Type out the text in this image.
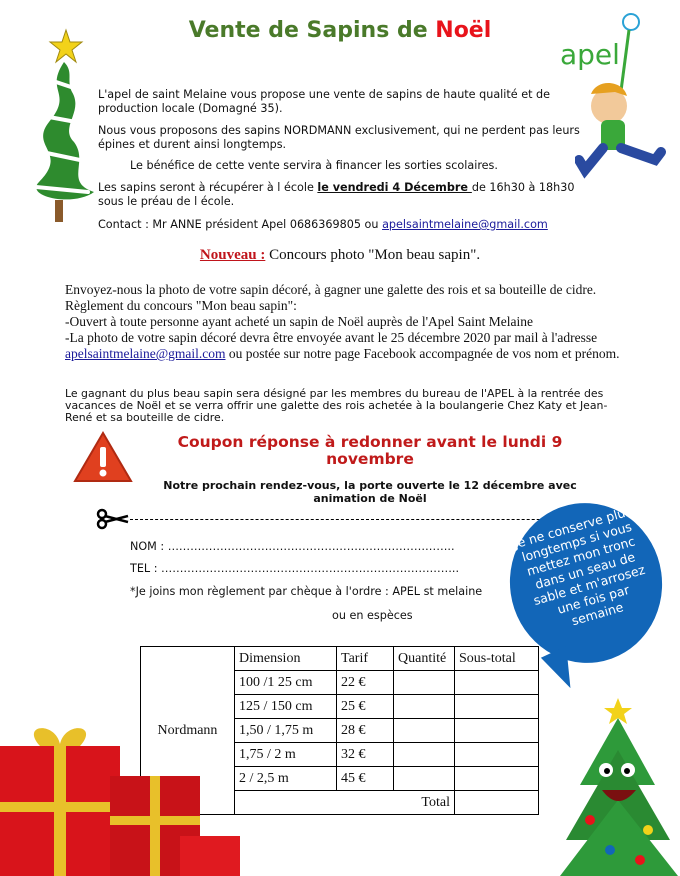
Vente de Sapins de Noël
apel
L'apel de saint Melaine vous propose une vente de sapins de haute qualité et de production locale (Domagné 35).
Nous vous proposons des sapins NORDMANN exclusivement, qui ne perdent pas leurs épines et durent ainsi longtemps.
Le bénéfice de cette vente servira à financer les sorties scolaires.
Les sapins seront à récupérer à l école le vendredi 4 Décembre de 16h30 à 18h30 sous le préau de l école.
Contact : Mr ANNE président Apel 0686369805 ou apelsaintmelaine@gmail.com
Nouveau : Concours photo "Mon beau sapin".
Envoyez-nous la photo de votre sapin décoré, à gagner une galette des rois et sa bouteille de cidre.
Règlement du concours "Mon beau sapin":
-Ouvert à toute personne ayant acheté un sapin de Noël auprès de l'Apel Saint Melaine
-La photo de votre sapin décoré devra être envoyée avant le 25 décembre 2020 par mail à l'adresse
apelsaintmelaine@gmail.com ou postée sur notre page Facebook accompagnée de vos nom et prénom.
Le gagnant du plus beau sapin sera désigné par les membres du bureau de l'APEL à la rentrée des vacances de Noël et se verra offrir une galette des rois achetée à la boulangerie Chez Katy et Jean-René et sa bouteille de cidre.
Coupon réponse à redonner avant le lundi 9 novembre
Notre prochain rendez-vous, la porte ouverte le 12 décembre avec animation de Noël
NOM : …………………………………………………………………..
TEL : ……………………………………………………………………..
*Je joins mon règlement par chèque à l'ordre : APEL st melaine
ou en espèces
Je ne conserve plus longtemps si vous mettez mon tronc dans un seau de sable et m'arrosez une fois par semaine
Nordmann	Dimension	Tarif	Quantité	Sous-total
	100 /1 25 cm	22 €		
	125 / 150 cm	25 €		
	1,50 / 1,75 m	28 €		
	1,75 / 2 m	32 €		
	2 / 2,5 m	45 €		
	Total			
